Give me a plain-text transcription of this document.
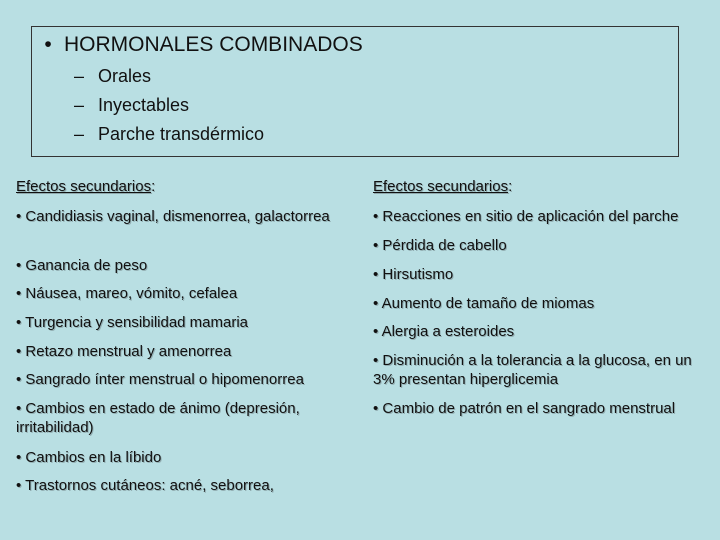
• HORMONALES COMBINADOS
– Orales
– Inyectables
– Parche transdérmico
Efectos secundarios:	Efectos secundarios:
• Candidiasis vaginal, dismenorrea, galactorrea
• Ganancia de peso
• Náusea, mareo, vómito, cefalea
• Turgencia y sensibilidad mamaria
• Retazo menstrual y amenorrea
• Sangrado ínter menstrual o hipomenorrea
• Cambios en estado de ánimo (depresión, irritabilidad)
• Cambios en la líbido
• Trastornos cutáneos: acné, seborrea,
• Reacciones en sitio de aplicación del parche
• Pérdida de cabello
• Hirsutismo
• Aumento de tamaño de miomas
• Alergia a esteroides
• Disminución a la tolerancia a la glucosa, en un 3% presentan hiperglicemia
• Cambio de patrón en el sangrado menstrual
